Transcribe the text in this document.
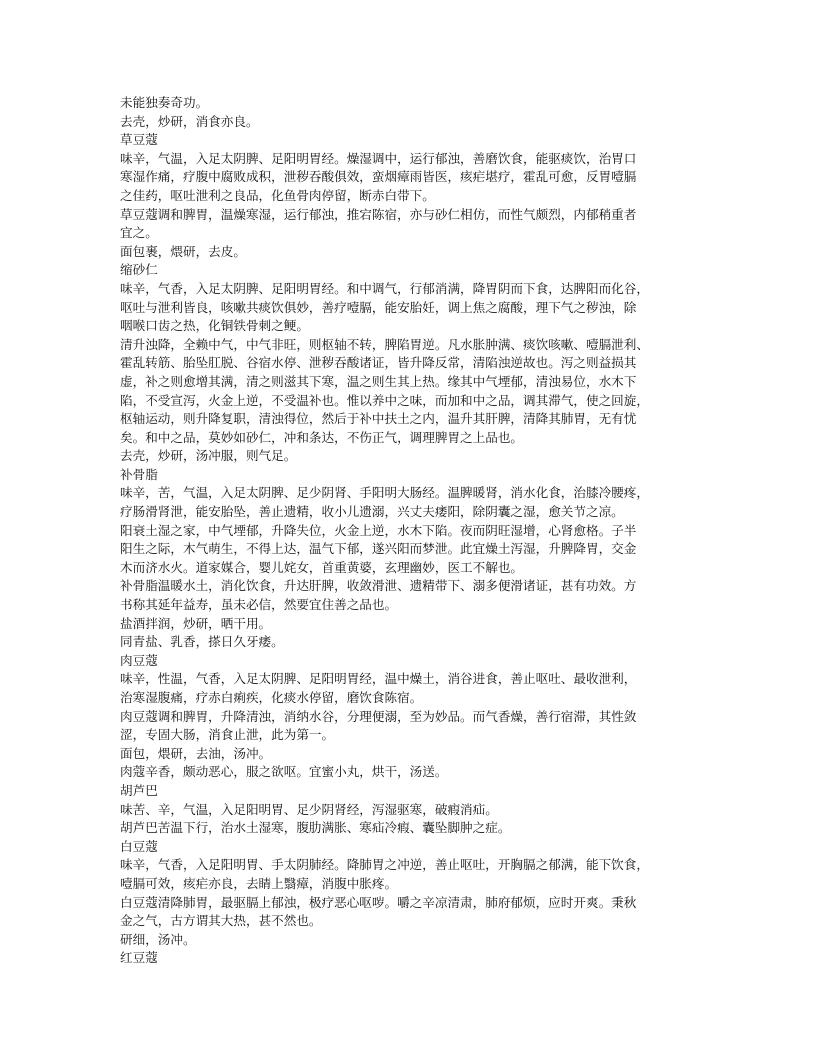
未能独奏奇功。
去壳，炒研，消食亦良。
草豆蔻
味辛，气温，入足太阴脾、足阳明胃经。燥湿调中，运行郁浊，善磨饮食，能驱痰饮，治胃口
寒湿作痛，疗腹中腐败成积，泄秽吞酸俱效，蛮烟瘴雨皆医，痎疟堪疗，霍乱可愈，反胃噎膈
之佳药，呕吐泄利之良品，化鱼骨肉停留，断赤白带下。
草豆蔻调和脾胃，温燥寒湿，运行郁浊，推宕陈宿，亦与砂仁相仿，而性气颇烈，内郁稍重者
宜之。
面包裹，煨研，去皮。
缩砂仁
味辛，气香，入足太阴脾、足阳明胃经。和中调气，行郁消满，降胃阴而下食，达脾阳而化谷，
呕吐与泄利皆良，咳嗽共痰饮俱妙，善疗噎膈，能安胎妊，调上焦之腐酸，理下气之秽浊，除
咽喉口齿之热，化铜铁骨刺之鲠。
清升浊降，全赖中气，中气非旺，则枢轴不转，脾陷胃逆。凡水胀肿满、痰饮咳嗽、噎膈泄利、
霍乱转筋、胎坠肛脱、谷宿水停、泄秽吞酸诸证，皆升降反常，清陷浊逆故也。泻之则益损其
虚，补之则愈增其满，清之则滋其下寒，温之则生其上热。缘其中气堙郁，清浊易位，水木下
陷，不受宣泻，火金上逆，不受温补也。惟以养中之味，而加和中之品，调其滞气，使之回旋，
枢轴运动，则升降复职，清浊得位，然后于补中扶土之内，温升其肝脾，清降其肺胃，无有忧
矣。和中之品，莫妙如砂仁，冲和条达，不伤正气，调理脾胃之上品也。
去壳，炒研，汤冲服，则气足。
补骨脂
味辛，苦，气温，入足太阴脾、足少阴肾、手阳明大肠经。温脾暖肾，消水化食，治膝冷腰疼，
疗肠滑肾泄，能安胎坠，善止遗精，收小儿遗溺，兴丈夫痿阳，除阴囊之湿，愈关节之凉。
阳衰土湿之家，中气堙郁，升降失位，火金上逆，水木下陷。夜而阴旺湿增，心肾愈格。子半
阳生之际，木气萌生，不得上达，温气下郁，遂兴阳而梦泄。此宜燥土泻湿，升脾降胃，交金
木而济水火。道家媒合，婴儿姹女，首重黄婆，玄理幽妙，医工不解也。
补骨脂温暖水土，消化饮食，升达肝脾，收敛滑泄、遗精带下、溺多便滑诸证，甚有功效。方
书称其延年益寿，虽未必信，然要宜住善之品也。
盐酒拌润，炒研，晒干用。
同青盐、乳香，搽日久牙痿。
肉豆蔻
味辛，性温，气香，入足太阴脾、足阳明胃经，温中燥土，消谷进食，善止呕吐、最收泄利，
治寒湿腹痛，疗赤白痢疾，化痰水停留，磨饮食陈宿。
肉豆蔻调和脾胃，升降清浊，消纳水谷，分理便溺，至为妙品。而气香燥，善行宿滞，其性敛
涩，专固大肠，消食止泄，此为第一。
面包，煨研，去油，汤冲。
肉蔻辛香，颇动恶心，服之欲呕。宜蜜小丸，烘干，汤送。
胡芦巴
味苦、辛，气温，入足阳明胃、足少阴肾经，泻湿驱寒，破瘕消疝。
胡芦巴苦温下行，治水土湿寒，腹肋满胀、寒疝冷瘕、囊坠脚肿之症。
白豆蔻
味辛，气香，入足阳明胃、手太阴肺经。降肺胃之冲逆，善止呕吐，开胸膈之郁满，能下饮食，
噎膈可效，痎疟亦良，去睛上翳瘴，消腹中胀疼。
白豆蔻清降肺胃，最驱膈上郁浊，极疗恶心呕哕。嚼之辛凉清肃，肺府郁烦，应时开爽。秉秋
金之气，古方谓其大热，甚不然也。
研细，汤冲。
红豆蔻
